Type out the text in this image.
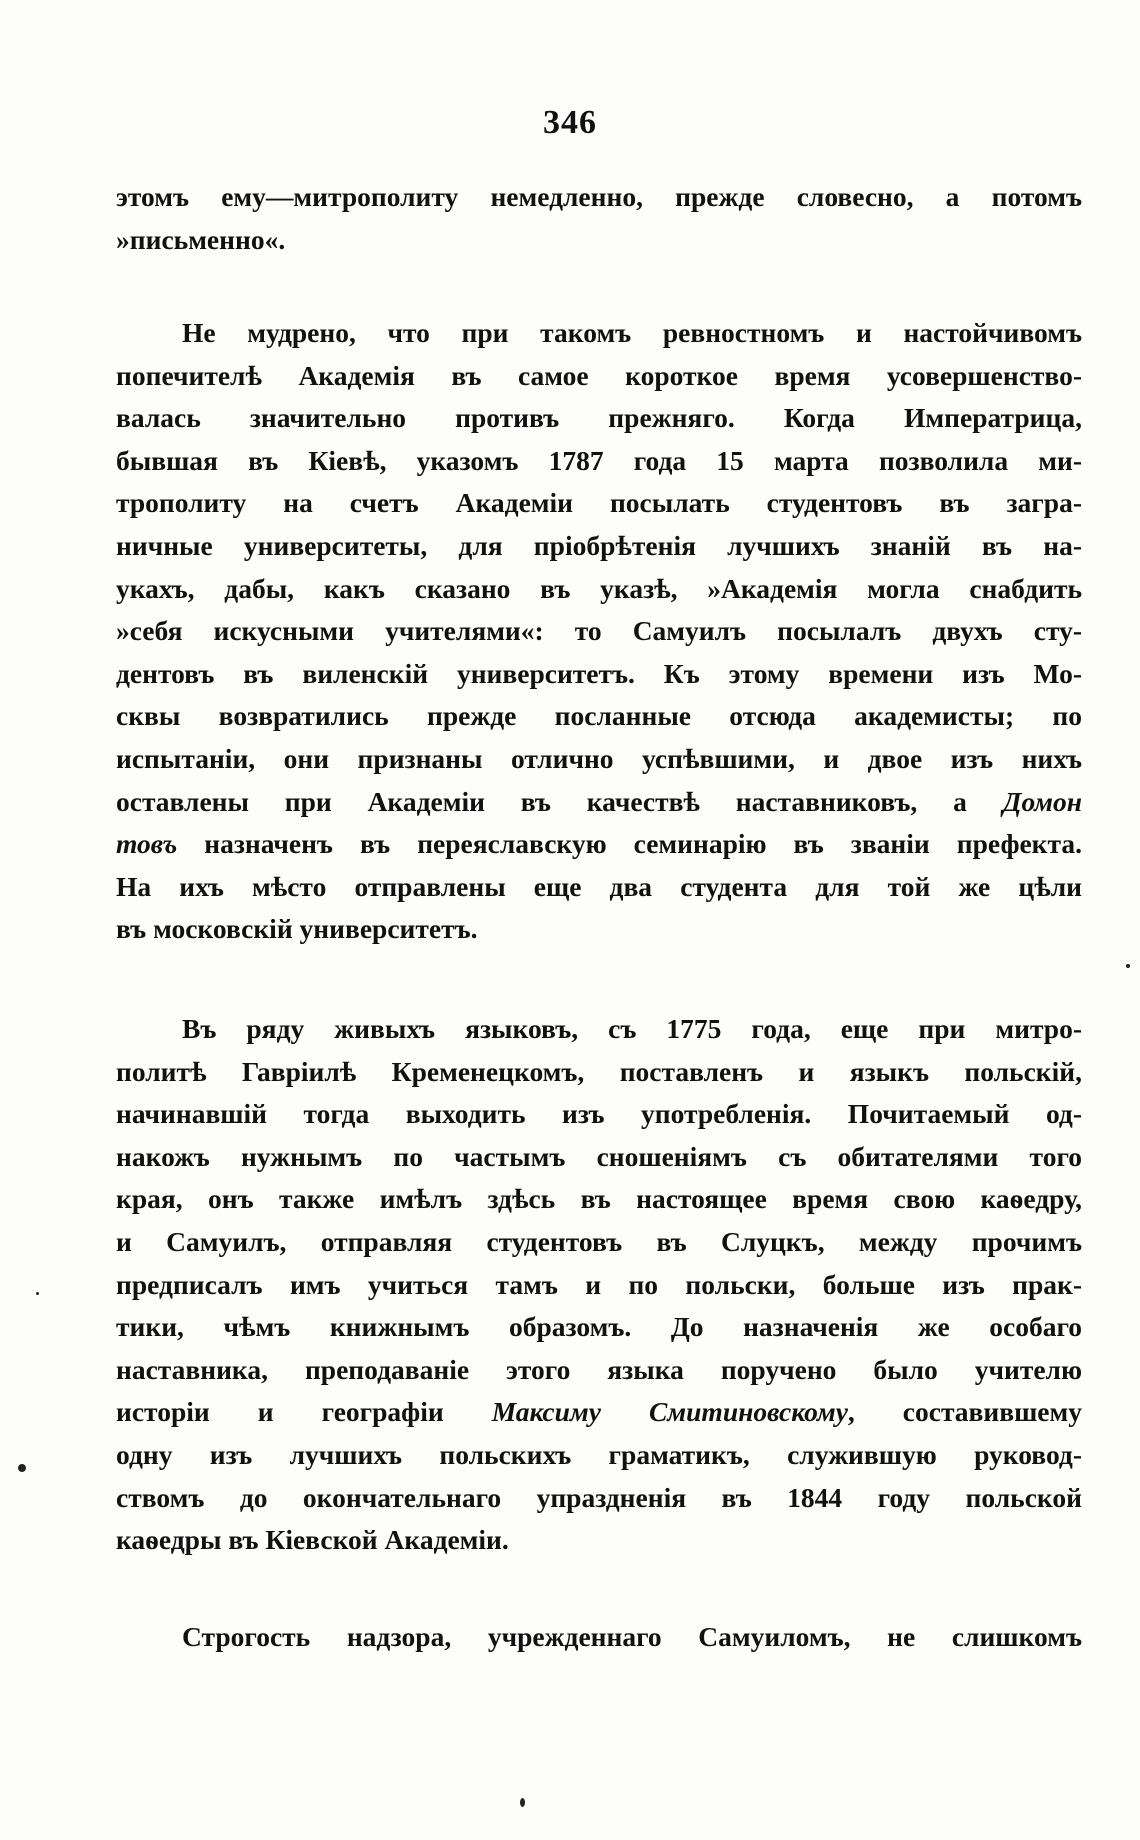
346
этомъ ему—митрополиту немедленно, прежде словесно, а потомъ
»письменно«.
Не мудрено, что при такомъ ревностномъ и настойчивомъ
попечителѣ Академія въ самое короткое время усовершенство-
валась значительно противъ прежняго. Когда Императрица,
бывшая въ Кіевѣ, указомъ 1787 года 15 марта позволила ми-
трополиту на счетъ Академіи посылать студентовъ въ загра-
ничные университеты, для пріобрѣтенія лучшихъ знаній въ на-
укахъ, дабы, какъ сказано въ указѣ, »Академія могла снабдить
»себя искусными учителями«: то Самуилъ посылалъ двухъ сту-
дентовъ въ виленскій университетъ. Къ этому времени изъ Мо-
сквы возвратились прежде посланные отсюда академисты; по
испытаніи, они признаны отлично успѣвшими, и двое изъ нихъ
оставлены при Академіи въ качествѣ наставниковъ, а Домон
товъ назначенъ въ переяславскую семинарію въ званіи префекта.
На ихъ мѣсто отправлены еще два студента для той же цѣли
въ московскій университетъ.
Въ ряду живыхъ языковъ, съ 1775 года, еще при митро-
политѣ Гавріилѣ Кременецкомъ, поставленъ и языкъ польскій,
начинавшій тогда выходить изъ употребленія. Почитаемый од-
накожъ нужнымъ по частымъ сношеніямъ съ обитателями того
края, онъ также имѣлъ здѣсь въ настоящее время свою каѳедру,
и Самуилъ, отправляя студентовъ въ Слуцкъ, между прочимъ
предписалъ имъ учиться тамъ и по польски, больше изъ прак-
тики, чѣмъ книжнымъ образомъ. До назначенія же особаго
наставника, преподаваніе этого языка поручено было учителю
исторіи и географіи Максиму Смитиновскому, составившему
одну изъ лучшихъ польскихъ граматикъ, служившую руковод-
ствомъ до окончательнаго упраздненія въ 1844 году польской
каѳедры въ Кіевской Академіи.
Строгость надзора, учрежденнаго Самуиломъ, не слишкомъ
